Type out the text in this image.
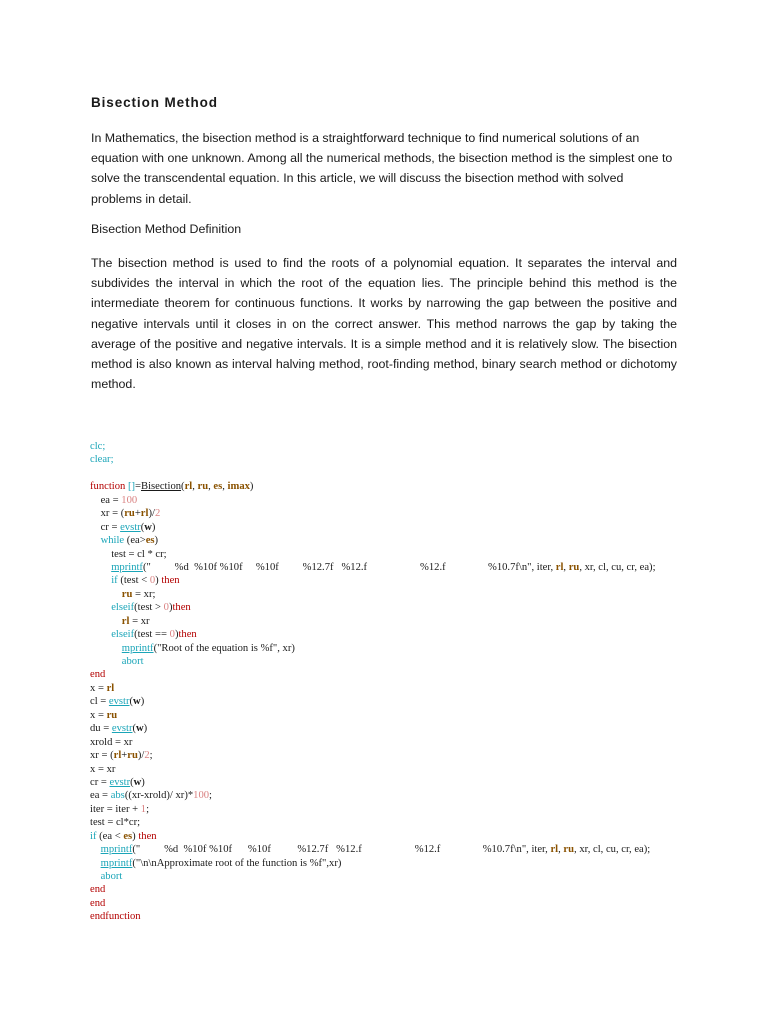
Bisection Method

In Mathematics, the bisection method is a straightforward technique to find numerical solutions of an equation with one unknown. Among all the numerical methods, the bisection method is the simplest one to solve the transcendental equation. In this article, we will discuss the bisection method with solved problems in detail.

Bisection Method Definition

The bisection method is used to find the roots of a polynomial equation. It separates the interval and subdivides the interval in which the root of the equation lies. The principle behind this method is the intermediate theorem for continuous functions. It works by narrowing the gap between the positive and negative intervals until it closes in on the correct answer. This method narrows the gap by taking the average of the positive and negative intervals. It is a simple method and it is relatively slow. The bisection method is also known as interval halving method, root-finding method, binary search method or dichotomy method.

clc;
clear;
function []=Bisection(rl, ru, es, imax)
ea = 100
xr = (ru+rl)/2
cr = evstr(w)
while (ea>es)
test = cl * cr;
mprintf("         %d  %10f %10f     %10f         %12.7f   %12.f                    %12.f                %10.7f\n", iter, rl, ru, xr, cl, cu, cr, ea);
if (test < 0) then
ru = xr;
elseif(test > 0)then
rl = xr
elseif(test == 0)then
mprintf("Root of the equation is %f", xr)
abort
end
x = rl
cl = evstr(w)
x = ru
du = evstr(w)
xrold = xr
xr = (rl+ru)/2;
x = xr
cr = evstr(w)
ea = abs((xr-xrold)/ xr)*100;
iter = iter + 1;
test = cl*cr;
if (ea < es) then
mprintf("         %d  %10f %10f      %10f          %12.7f   %12.f                    %12.f                %10.7f\n", iter, rl, ru, xr, cl, cu, cr, ea);
mprintf("\n\nApproximate root of the function is %f",xr)
abort
end
end
endfunction
